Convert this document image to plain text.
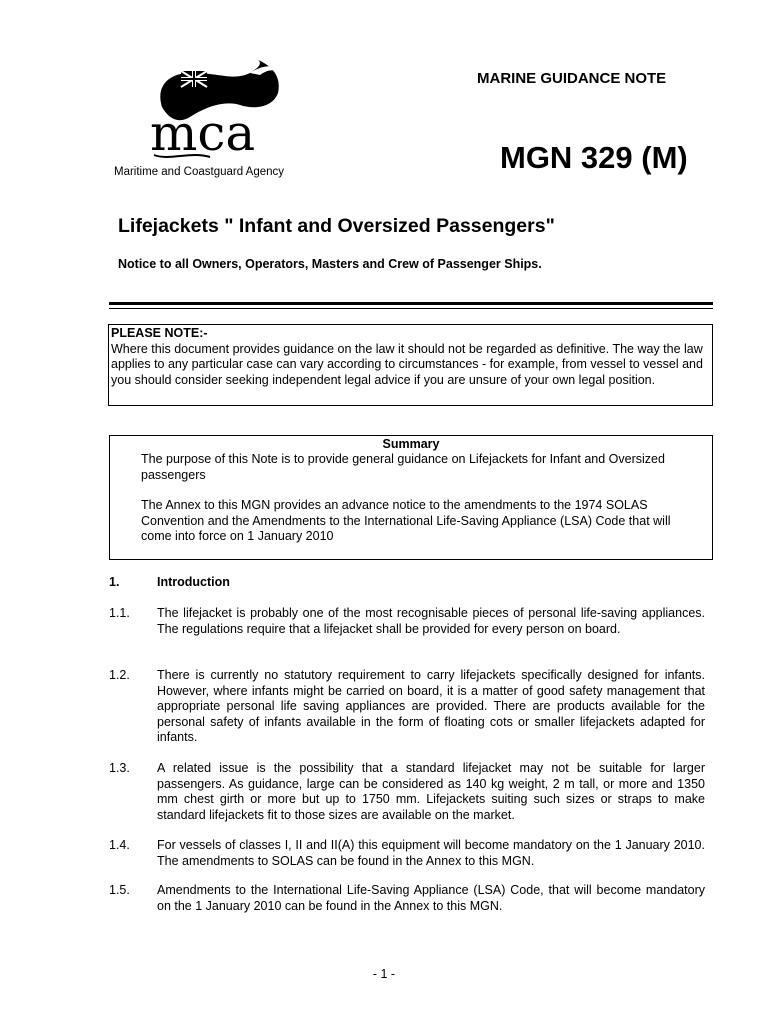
mca
Maritime and Coastguard Agency
MARINE GUIDANCE NOTE
MGN 329 (M)
Lifejackets " Infant and Oversized Passengers"
Notice to all Owners, Operators, Masters and Crew of Passenger Ships.
PLEASE NOTE:-
Where this document provides guidance on the law it should not be regarded as definitive. The way the law applies to any particular case can vary according to circumstances - for example, from vessel to vessel and you should consider seeking independent legal advice if you are unsure of your own legal position.
Summary
The purpose of this Note is to provide general guidance on Lifejackets for Infant and Oversized passengers
The Annex to this MGN provides an advance notice to the amendments to the 1974 SOLAS Convention and the Amendments to the International Life-Saving Appliance (LSA) Code that will come into force on 1 January 2010
1.	Introduction
1.1. The lifejacket is probably one of the most recognisable pieces of personal life-saving appliances. The regulations require that a lifejacket shall be provided for every person on board.
1.2. There is currently no statutory requirement to carry lifejackets specifically designed for infants. However, where infants might be carried on board, it is a matter of good safety management that appropriate personal life saving appliances are provided. There are products available for the personal safety of infants available in the form of floating cots or smaller lifejackets adapted for infants.
1.3. A related issue is the possibility that a standard lifejacket may not be suitable for larger passengers. As guidance, large can be considered as 140 kg weight, 2 m tall, or more and 1350 mm chest girth or more but up to 1750 mm. Lifejackets suiting such sizes or straps to make standard lifejackets fit to those sizes are available on the market.
1.4. For vessels of classes I, II and II(A) this equipment will become mandatory on the 1 January 2010. The amendments to SOLAS can be found in the Annex to this MGN.
1.5. Amendments to the International Life-Saving Appliance (LSA) Code, that will become mandatory on the 1 January 2010 can be found in the Annex to this MGN.
- 1 -
